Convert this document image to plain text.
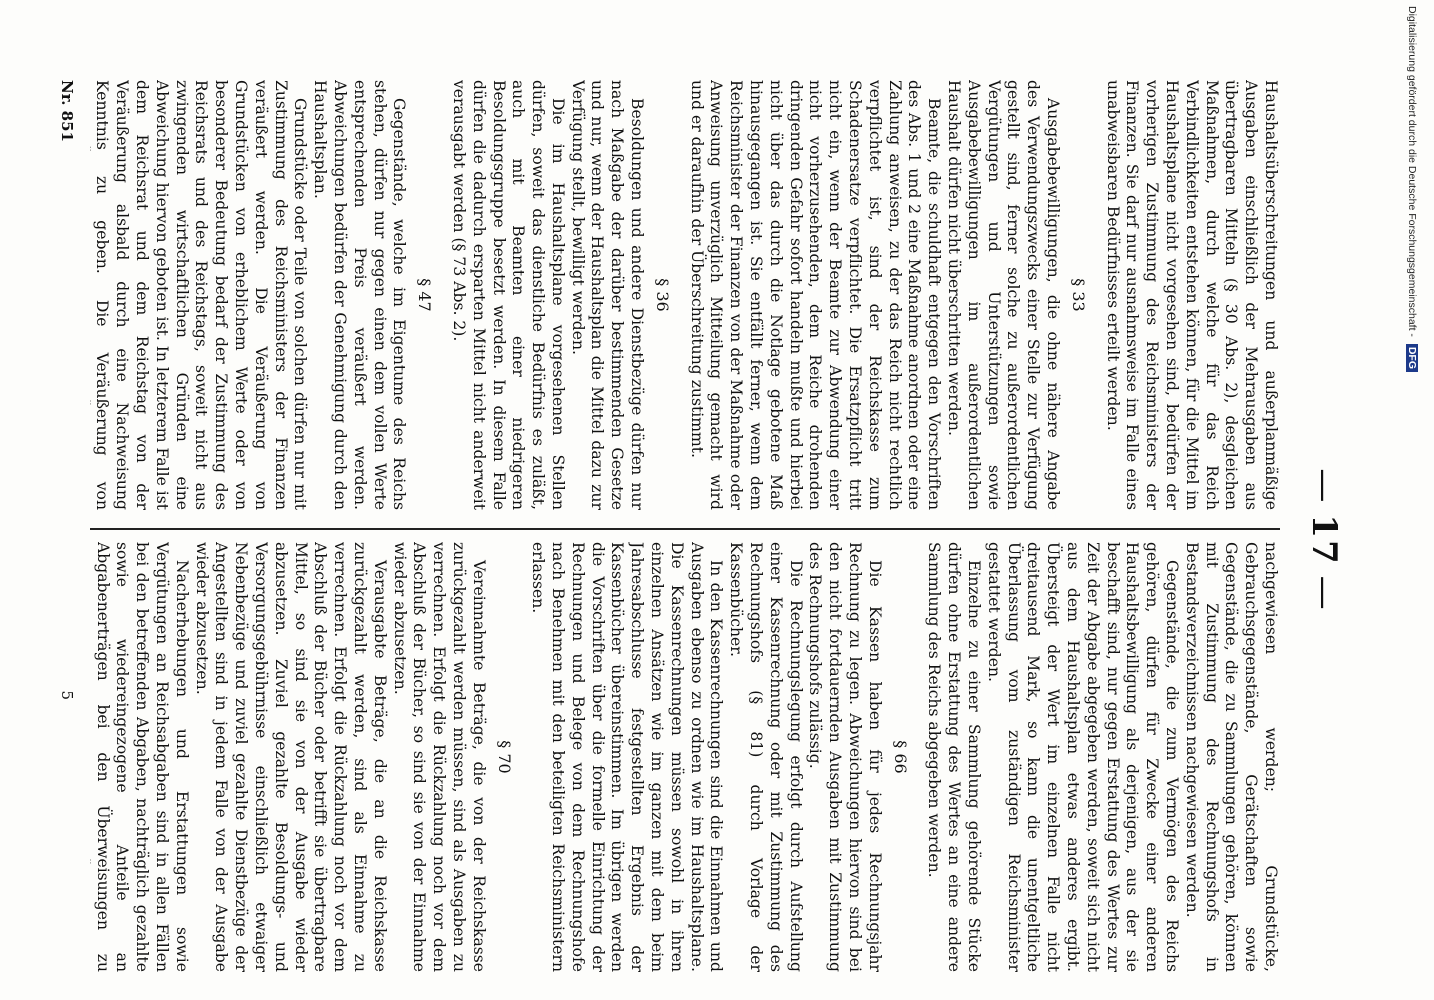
— 17 —

Haushaltsüberschreitungen und außerplanmäßige Ausgaben einschließlich der Mehrausgaben aus übertragbaren Mitteln (§ 30 Abs. 2), desgleichen Maßnahmen, durch welche für das Reich Verbindlichkeiten entstehen können, für die Mittel im Haushaltsplane nicht vorgesehen sind, bedürfen der vorherigen Zustimmung des Reichsministers der Finanzen. Sie darf nur ausnahmsweise im Falle eines unabweisbaren Bedürfnisses erteilt werden.

§ 33

Ausgabebewilligungen, die ohne nähere Angabe des Verwendungszwecks einer Stelle zur Verfügung gestellt sind, ferner solche zu außerordentlichen Vergütungen und Unterstützungen sowie Ausgabebewilligungen im außerordentlichen Haushalt dürfen nicht überschritten werden.

Beamte, die schuldhaft entgegen den Vorschriften des Abs. 1 und 2 eine Maßnahme anordnen oder eine Zahlung anweisen, zu der das Reich nicht rechtlich verpflichtet ist, sind der Reichskasse zum Schadenersatze verpflichtet. Die Ersatzpflicht tritt nicht ein, wenn der Beamte zur Abwendung einer nicht vorherzusehenden, dem Reiche drohenden dringenden Gefahr sofort handeln mußte und hierbei nicht über das durch die Notlage gebotene Maß hinausgegangen ist. Sie entfällt ferner, wenn dem Reichsminister der Finanzen von der Maßnahme oder Anweisung unverzüglich Mitteilung gemacht wird und er daraufhin der Überschreitung zustimmt.

§ 36

Besoldungen und andere Dienstbezüge dürfen nur nach Maßgabe der darüber bestimmenden Gesetze und nur, wenn der Haushaltsplan die Mittel dazu zur Verfügung stellt, bewilligt werden.

Die im Haushaltsplane vorgesehenen Stellen dürfen, soweit das dienstliche Bedürfnis es zuläßt, auch mit Beamten einer niedrigeren Besoldungsgruppe besetzt werden. In diesem Falle dürfen die dadurch ersparten Mittel nicht anderweit verausgabt werden (§ 73 Abs. 2).

§ 47

Gegenstände, welche im Eigentume des Reichs stehen, dürfen nur gegen einen dem vollen Werte entsprechenden Preis veräußert werden. Abweichungen bedürfen der Genehmigung durch den Haushaltsplan.

Grundstücke oder Teile von solchen dürfen nur mit Zustimmung des Reichsministers der Finanzen veräußert werden. Die Veräußerung von Grundstücken von erheblichem Werte oder von besonderer Bedeutung bedarf der Zustimmung des Reichsrats und des Reichstags, soweit nicht aus zwingenden wirtschaftlichen Gründen eine Abweichung hiervon geboten ist. In letzterem Falle ist dem Reichsrat und dem Reichstag von der Veräußerung alsbald durch eine Nachweisung Kenntnis zu geben. Die Veräußerung von

nachgewiesen werden; Grundstücke, Gebrauchsgegenstände, Gerätschaften sowie Gegenstände, die zu Sammlungen gehören, können mit Zustimmung des Rechnungshofs in Bestandsverzeichnissen nachgewiesen werden.

Gegenstände, die zum Vermögen des Reichs gehören, dürfen für Zwecke einer anderen Haushaltsbewilligung als derjenigen, aus der sie beschafft sind, nur gegen Erstattung des Wertes zur Zeit der Abgabe abgegeben werden, soweit sich nicht aus dem Haushaltsplan etwas anderes ergibt. Übersteigt der Wert im einzelnen Falle nicht dreitausend Mark, so kann die unentgeltliche Überlassung vom zuständigen Reichsminister gestattet werden.

Einzelne zu einer Sammlung gehörende Stücke dürfen ohne Erstattung des Wertes an eine andere Sammlung des Reichs abgegeben werden.

§ 66

Die Kassen haben für jedes Rechnungsjahr Rechnung zu legen. Abweichungen hiervon sind bei den nicht fortdauernden Ausgaben mit Zustimmung des Rechnungshofs zulässig.

Die Rechnungslegung erfolgt durch Aufstellung einer Kassenrechnung oder mit Zustimmung des Rechnungshofs (§ 81) durch Vorlage der Kassenbücher.

In den Kassenrechnungen sind die Einnahmen und Ausgaben ebenso zu ordnen wie im Haushaltsplane. Die Kassenrechnungen müssen sowohl in ihren einzelnen Ansätzen wie im ganzen mit dem beim Jahresabschlusse festgestellten Ergebnis der Kassenbücher übereinstimmen. Im übrigen werden die Vorschriften über die formelle Einrichtung der Rechnungen und Belege von dem Rechnungshofe nach Benehmen mit den beteiligten Reichsministern erlassen.

§ 70

Vereinnahmte Beträge, die von der Reichskasse zurückgezahlt werden müssen, sind als Ausgaben zu verrechnen. Erfolgt die Rückzahlung noch vor dem Abschluß der Bücher, so sind sie von der Einnahme wieder abzusetzen.

Verausgabte Beträge, die an die Reichskasse zurückgezahlt werden, sind als Einnahme zu verrechnen. Erfolgt die Rückzahlung noch vor dem Abschluß der Bücher oder betrifft sie übertragbare Mittel, so sind sie von der Ausgabe wieder abzusetzen. Zuviel gezahlte Besoldungs- und Versorgungsgebührnisse einschließlich etwaiger Nebenbezüge und zuviel gezahlte Dienstbezüge der Angestellten sind in jedem Falle von der Ausgabe wieder abzusetzen.

Nacherhebungen und Erstattungen sowie Vergütungen an Reichsabgaben sind in allen Fällen bei den betreffenden Abgaben, nachträglich gezahlte sowie wiedereingezogene Anteile an Abgabenerträgen bei den Überweisungen zu

Nr. 851
5
Digitalisierung gefördert durch die Deutsche Forschungsgemeinschaft - DFG
